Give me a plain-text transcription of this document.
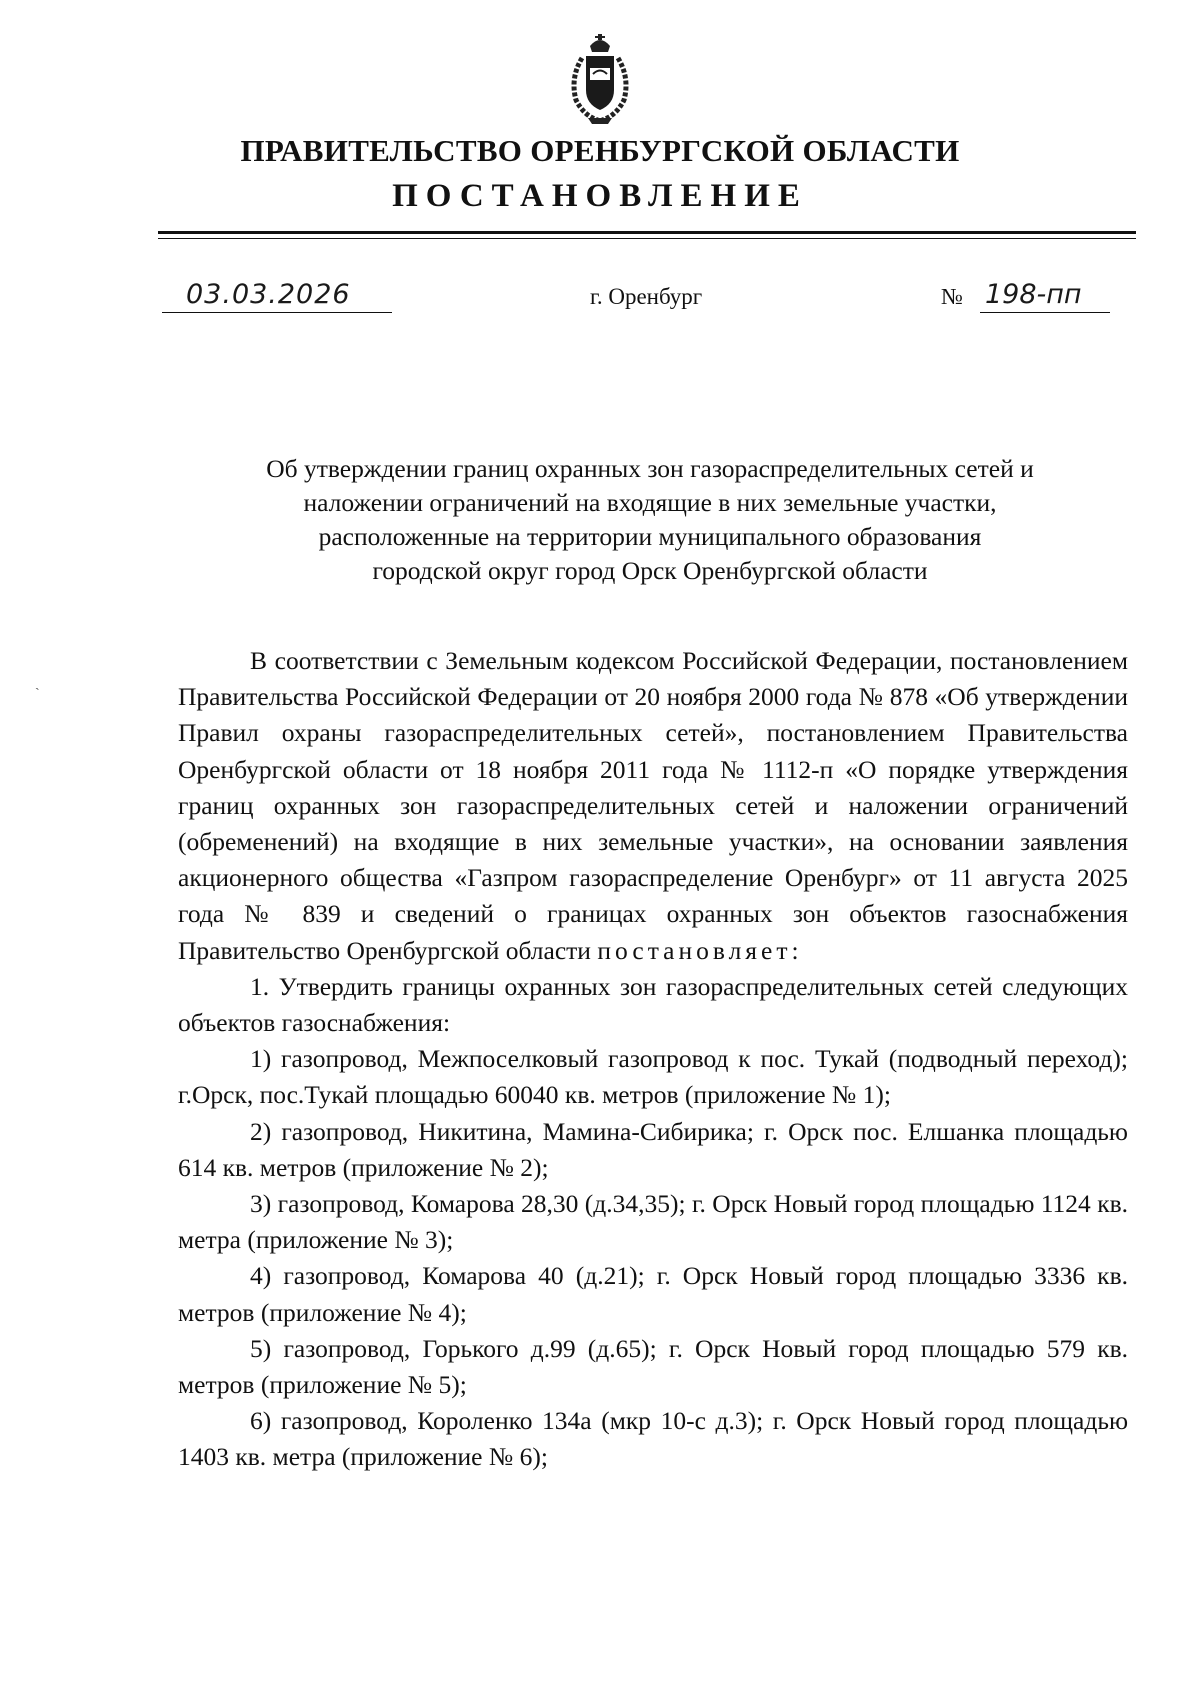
ПРАВИТЕЛЬСТВО ОРЕНБУРГСКОЙ ОБЛАСТИ
ПОСТАНОВЛЕНИЕ
03.03.2026	г. Оренбург	№ 198-пп
Об утверждении границ охранных зон газораспределительных сетей и
наложении ограничений на входящие в них земельные участки,
расположенные на территории муниципального образования
городской округ город Орск Оренбургской области
ˏ

В соответствии с Земельным кодексом Российской Федерации, постановлением Правительства Российской Федерации от 20 ноября 2000 года № 878 «Об утверждении Правил охраны газораспределительных сетей», постановлением Правительства Оренбургской области от 18 ноября 2011 года № 1112-п «О порядке утверждения границ охранных зон газораспределительных сетей и наложении ограничений (обременений) на входящие в них земельные участки», на основании заявления акционерного общества «Газпром газораспределение Оренбург» от 11 августа 2025 года № 839 и сведений о границах охранных зон объектов газоснабжения Правительство Оренбургской области постановляет:

1. Утвердить границы охранных зон газораспределительных сетей следующих объектов газоснабжения:

1) газопровод, Межпоселковый газопровод к пос. Тукай (подводный переход); г.Орск, пос.Тукай площадью 60040 кв. метров (приложение № 1);

2) газопровод, Никитина, Мамина-Сибирика; г. Орск пос. Елшанка площадью 614 кв. метров (приложение № 2);

3) газопровод, Комарова 28,30 (д.34,35); г. Орск Новый город площадью 1124 кв. метра (приложение № 3);

4) газопровод, Комарова 40 (д.21); г. Орск Новый город площадью 3336 кв. метров (приложение № 4);

5) газопровод, Горького д.99 (д.65); г. Орск Новый город площадью 579 кв. метров (приложение № 5);

6) газопровод, Короленко 134а (мкр 10-с д.3); г. Орск Новый город площадью 1403 кв. метра (приложение № 6);
